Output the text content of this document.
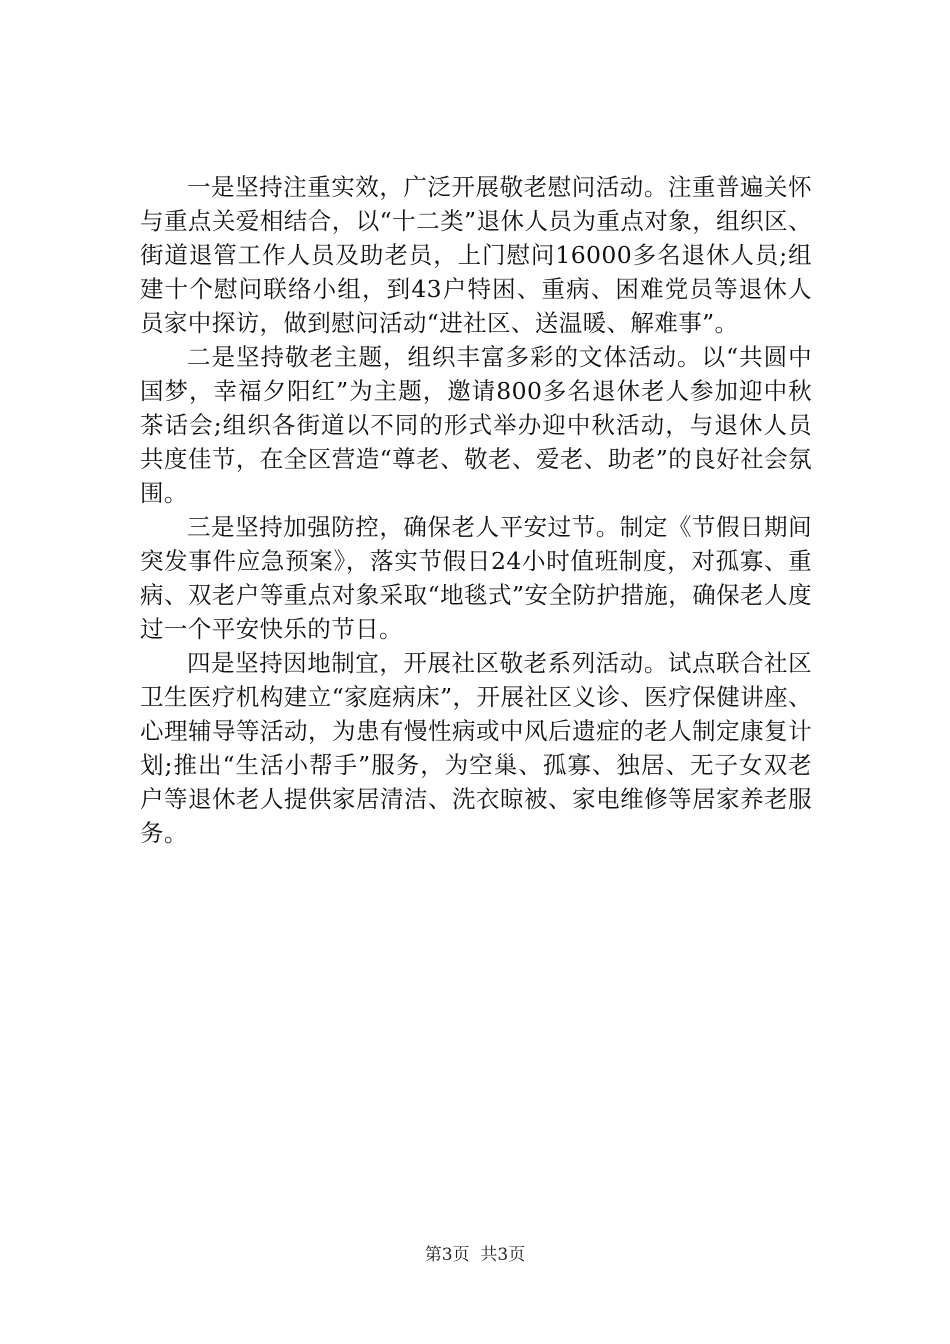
一是坚持注重实效，广泛开展敬老慰问活动。注重普遍关怀与重点关爱相结合，以“十二类”退休人员为重点对象，组织区、街道退管工作人员及助老员，上门慰问16000多名退休人员;组建十个慰问联络小组，到43户特困、重病、困难党员等退休人员家中探访，做到慰问活动“进社区、送温暖、解难事”。

二是坚持敬老主题，组织丰富多彩的文体活动。以“共圆中国梦，幸福夕阳红”为主题，邀请800多名退休老人参加迎中秋茶话会;组织各街道以不同的形式举办迎中秋活动，与退休人员共度佳节，在全区营造“尊老、敬老、爱老、助老”的良好社会氛围。

三是坚持加强防控，确保老人平安过节。制定《节假日期间突发事件应急预案》，落实节假日24小时值班制度，对孤寡、重病、双老户等重点对象采取“地毯式”安全防护措施，确保老人度过一个平安快乐的节日。

四是坚持因地制宜，开展社区敬老系列活动。试点联合社区卫生医疗机构建立“家庭病床”，开展社区义诊、医疗保健讲座、心理辅导等活动，为患有慢性病或中风后遗症的老人制定康复计划;推出“生活小帮手”服务，为空巢、孤寡、独居、无子女双老户等退休老人提供家居清洁、洗衣晾被、家电维修等居家养老服务。

第3页 共3页
